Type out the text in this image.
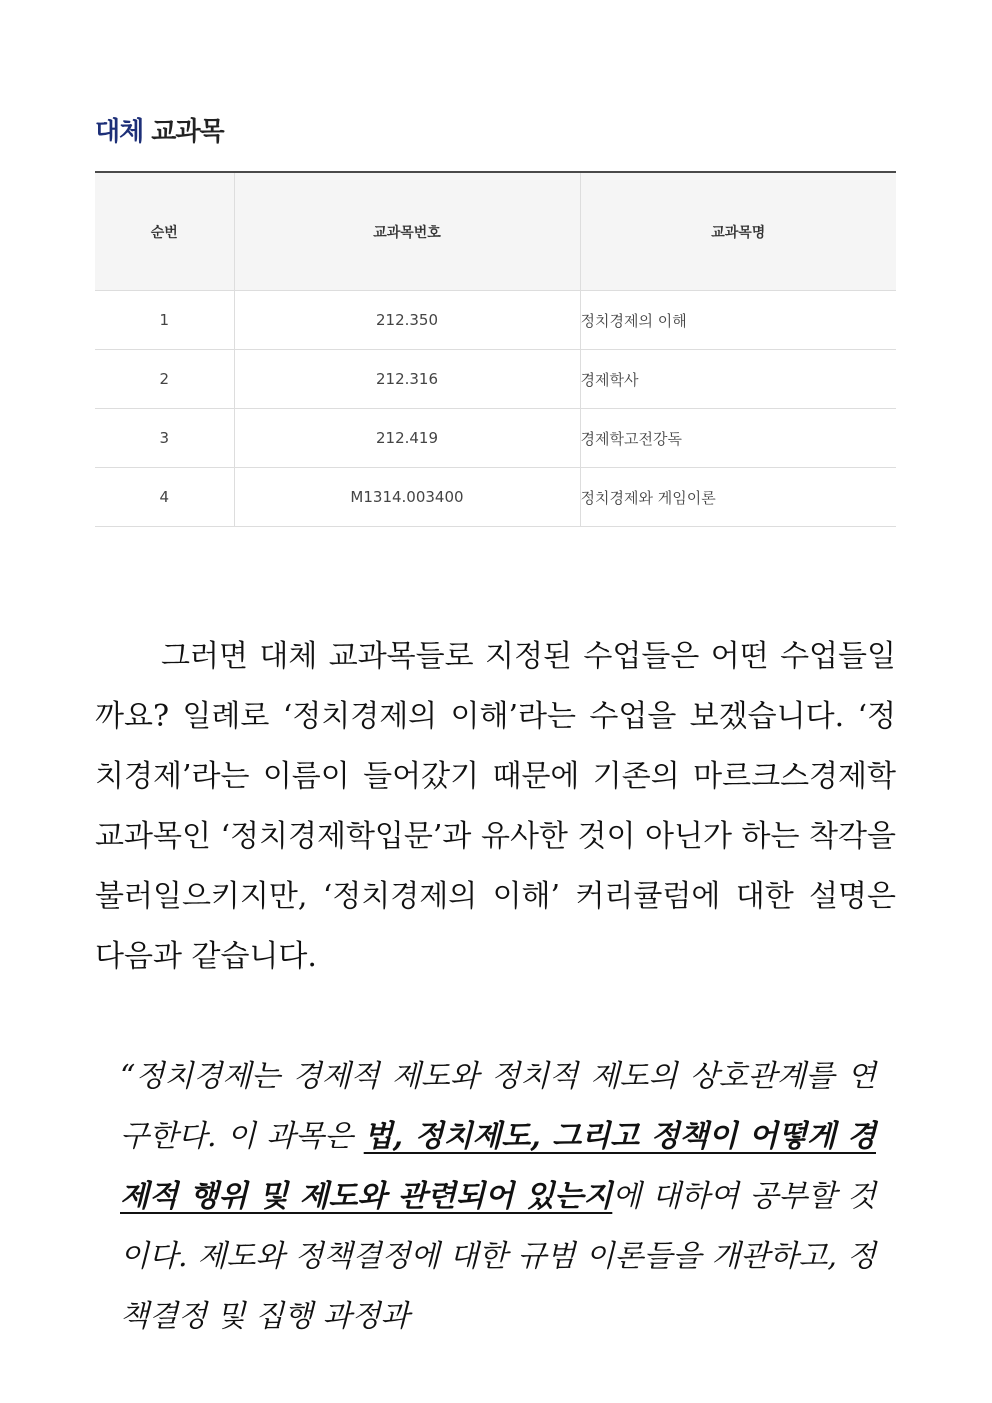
대체 교과목
순번	교과목번호	교과목명
1	212.350	정치경제의 이해
2	212.316	경제학사
3	212.419	경제학고전강독
4	M1314.003400	정치경제와 게임이론

그러면 대체 교과목들로 지정된 수업들은 어떤 수업들일까요? 일례로 ‘정치경제의 이해’라는 수업을 보겠습니다. ‘정치경제’라는 이름이 들어갔기 때문에 기존의 마르크스경제학 교과목인 ‘정치경제학입문’과 유사한 것이 아닌가 하는 착각을 불러일으키지만, ‘정치경제의 이해’ 커리큘럼에 대한 설명은 다음과 같습니다.

“정치경제는 경제적 제도와 정치적 제도의 상호관계를 연구한다. 이 과목은 법, 정치제도, 그리고 정책이 어떻게 경제적 행위 및 제도와 관련되어 있는지에 대하여 공부할 것이다. 제도와 정책결정에 대한 규범 이론들을 개관하고, 정책결정 및 집행 과정과
